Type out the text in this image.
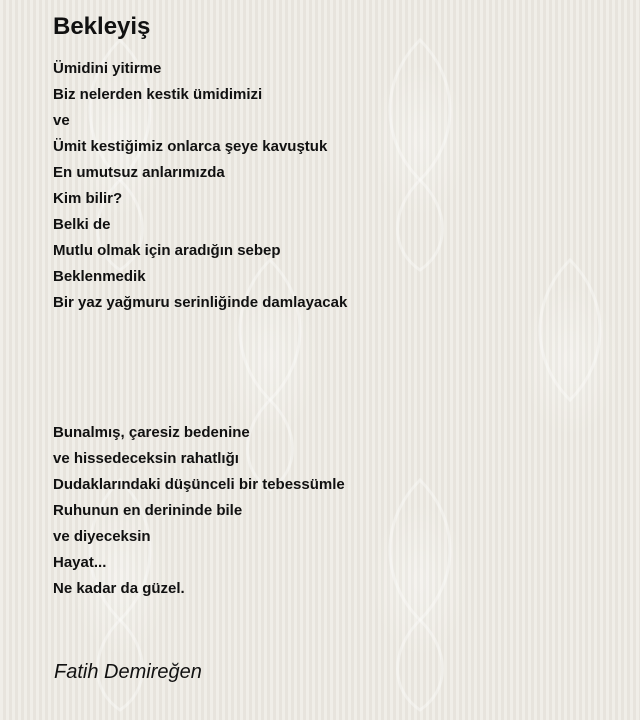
Bekleyiş
Ümidini yitirme
Biz nelerden kestik ümidimizi
ve
Ümit kestiğimiz onlarca şeye kavuştuk
En umutsuz anlarımızda
Kim bilir?
Belki de
Mutlu olmak için aradığın sebep
Beklenmedik
Bir yaz yağmuru serinliğinde damlayacak
Bunalmış, çaresiz bedenine
ve hissedeceksin rahatlığı
Dudaklarındaki düşünceli bir tebessümle
Ruhunun en derininde bile
ve diyeceksin
Hayat...
Ne kadar da güzel.
Fatih Demireğen
